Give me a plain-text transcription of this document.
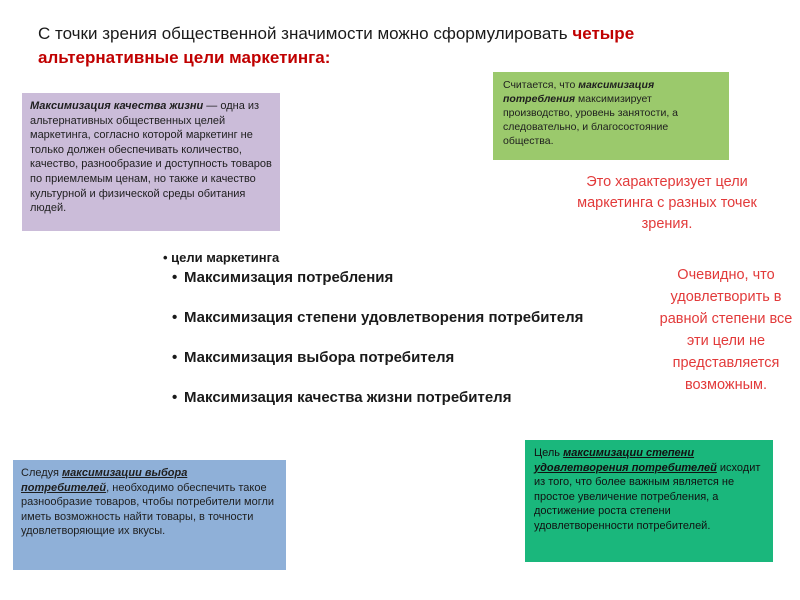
С точки зрения общественной значимости можно сформулировать четыре альтернативные цели маркетинга:
Максимизация качества жизни — одна из альтернативных общественных целей маркетинга, согласно которой маркетинг не только должен обеспечивать количество, качество, разнообразие и доступность товаров по приемлемым ценам, но также и качество культурной и физической среды обитания людей.
Считается, что максимизация потребления максимизирует производство, уровень занятости, а следовательно, и благосостояние общества.
Это характеризует цели маркетинга с разных точек зрения.
• цели маркетинга
• Максимизация потребления
• Максимизация степени удовлетворения потребителя
• Максимизация выбора потребителя
• Максимизация качества жизни потребителя
Очевидно, что удовлетворить в равной степени все эти цели не представляется возможным.
Следуя максимизации выбора потребителей, необходимо обеспечить такое разнообразие товаров, чтобы потребители могли иметь возможность найти товары, в точности удовлетворяющие их вкусы.
Цель максимизации степени удовлетворения потребителей исходит из того, что более важным является не простое увеличение потребления, а достижение роста степени удовлетворенности потребителей.
